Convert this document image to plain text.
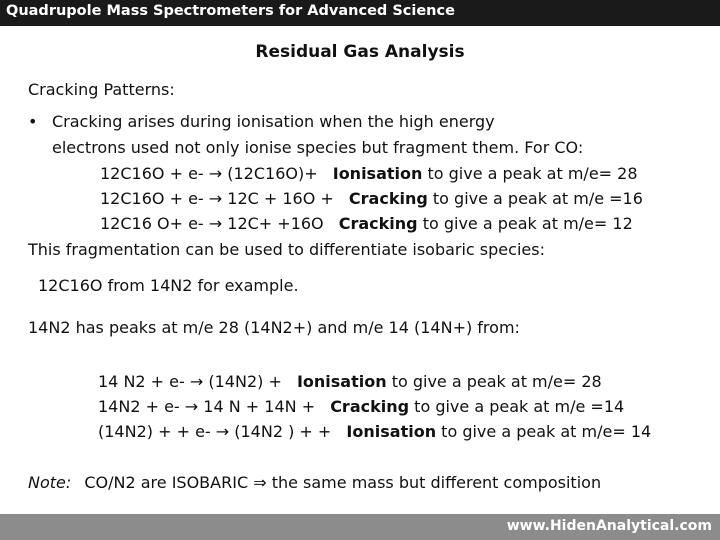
Quadrupole Mass Spectrometers for Advanced Science
Residual Gas Analysis
Cracking Patterns:
• Cracking arises during ionisation when the high energy
electrons used not only ionise species but fragment them. For CO:
12C16O + e- → (12C16O)+ Ionisation to give a peak at m/e= 28
12C16O + e- → 12C + 16O + Cracking to give a peak at m/e =16
12C16 O+ e- → 12C+ +16O Cracking to give a peak at m/e= 12
This fragmentation can be used to differentiate isobaric species:
12C16O from 14N2 for example.
14N2 has peaks at m/e 28 (14N2+) and m/e 14 (14N+) from:
14 N2 + e- → (14N2) + Ionisation to give a peak at m/e= 28
14N2 + e- → 14 N + 14N + Cracking to give a peak at m/e =14
(14N2) + + e- → (14N2 ) + + Ionisation to give a peak at m/e= 14
Note: CO/N2 are ISOBARIC ⇒ the same mass but different composition
www.HidenAnalytical.com
